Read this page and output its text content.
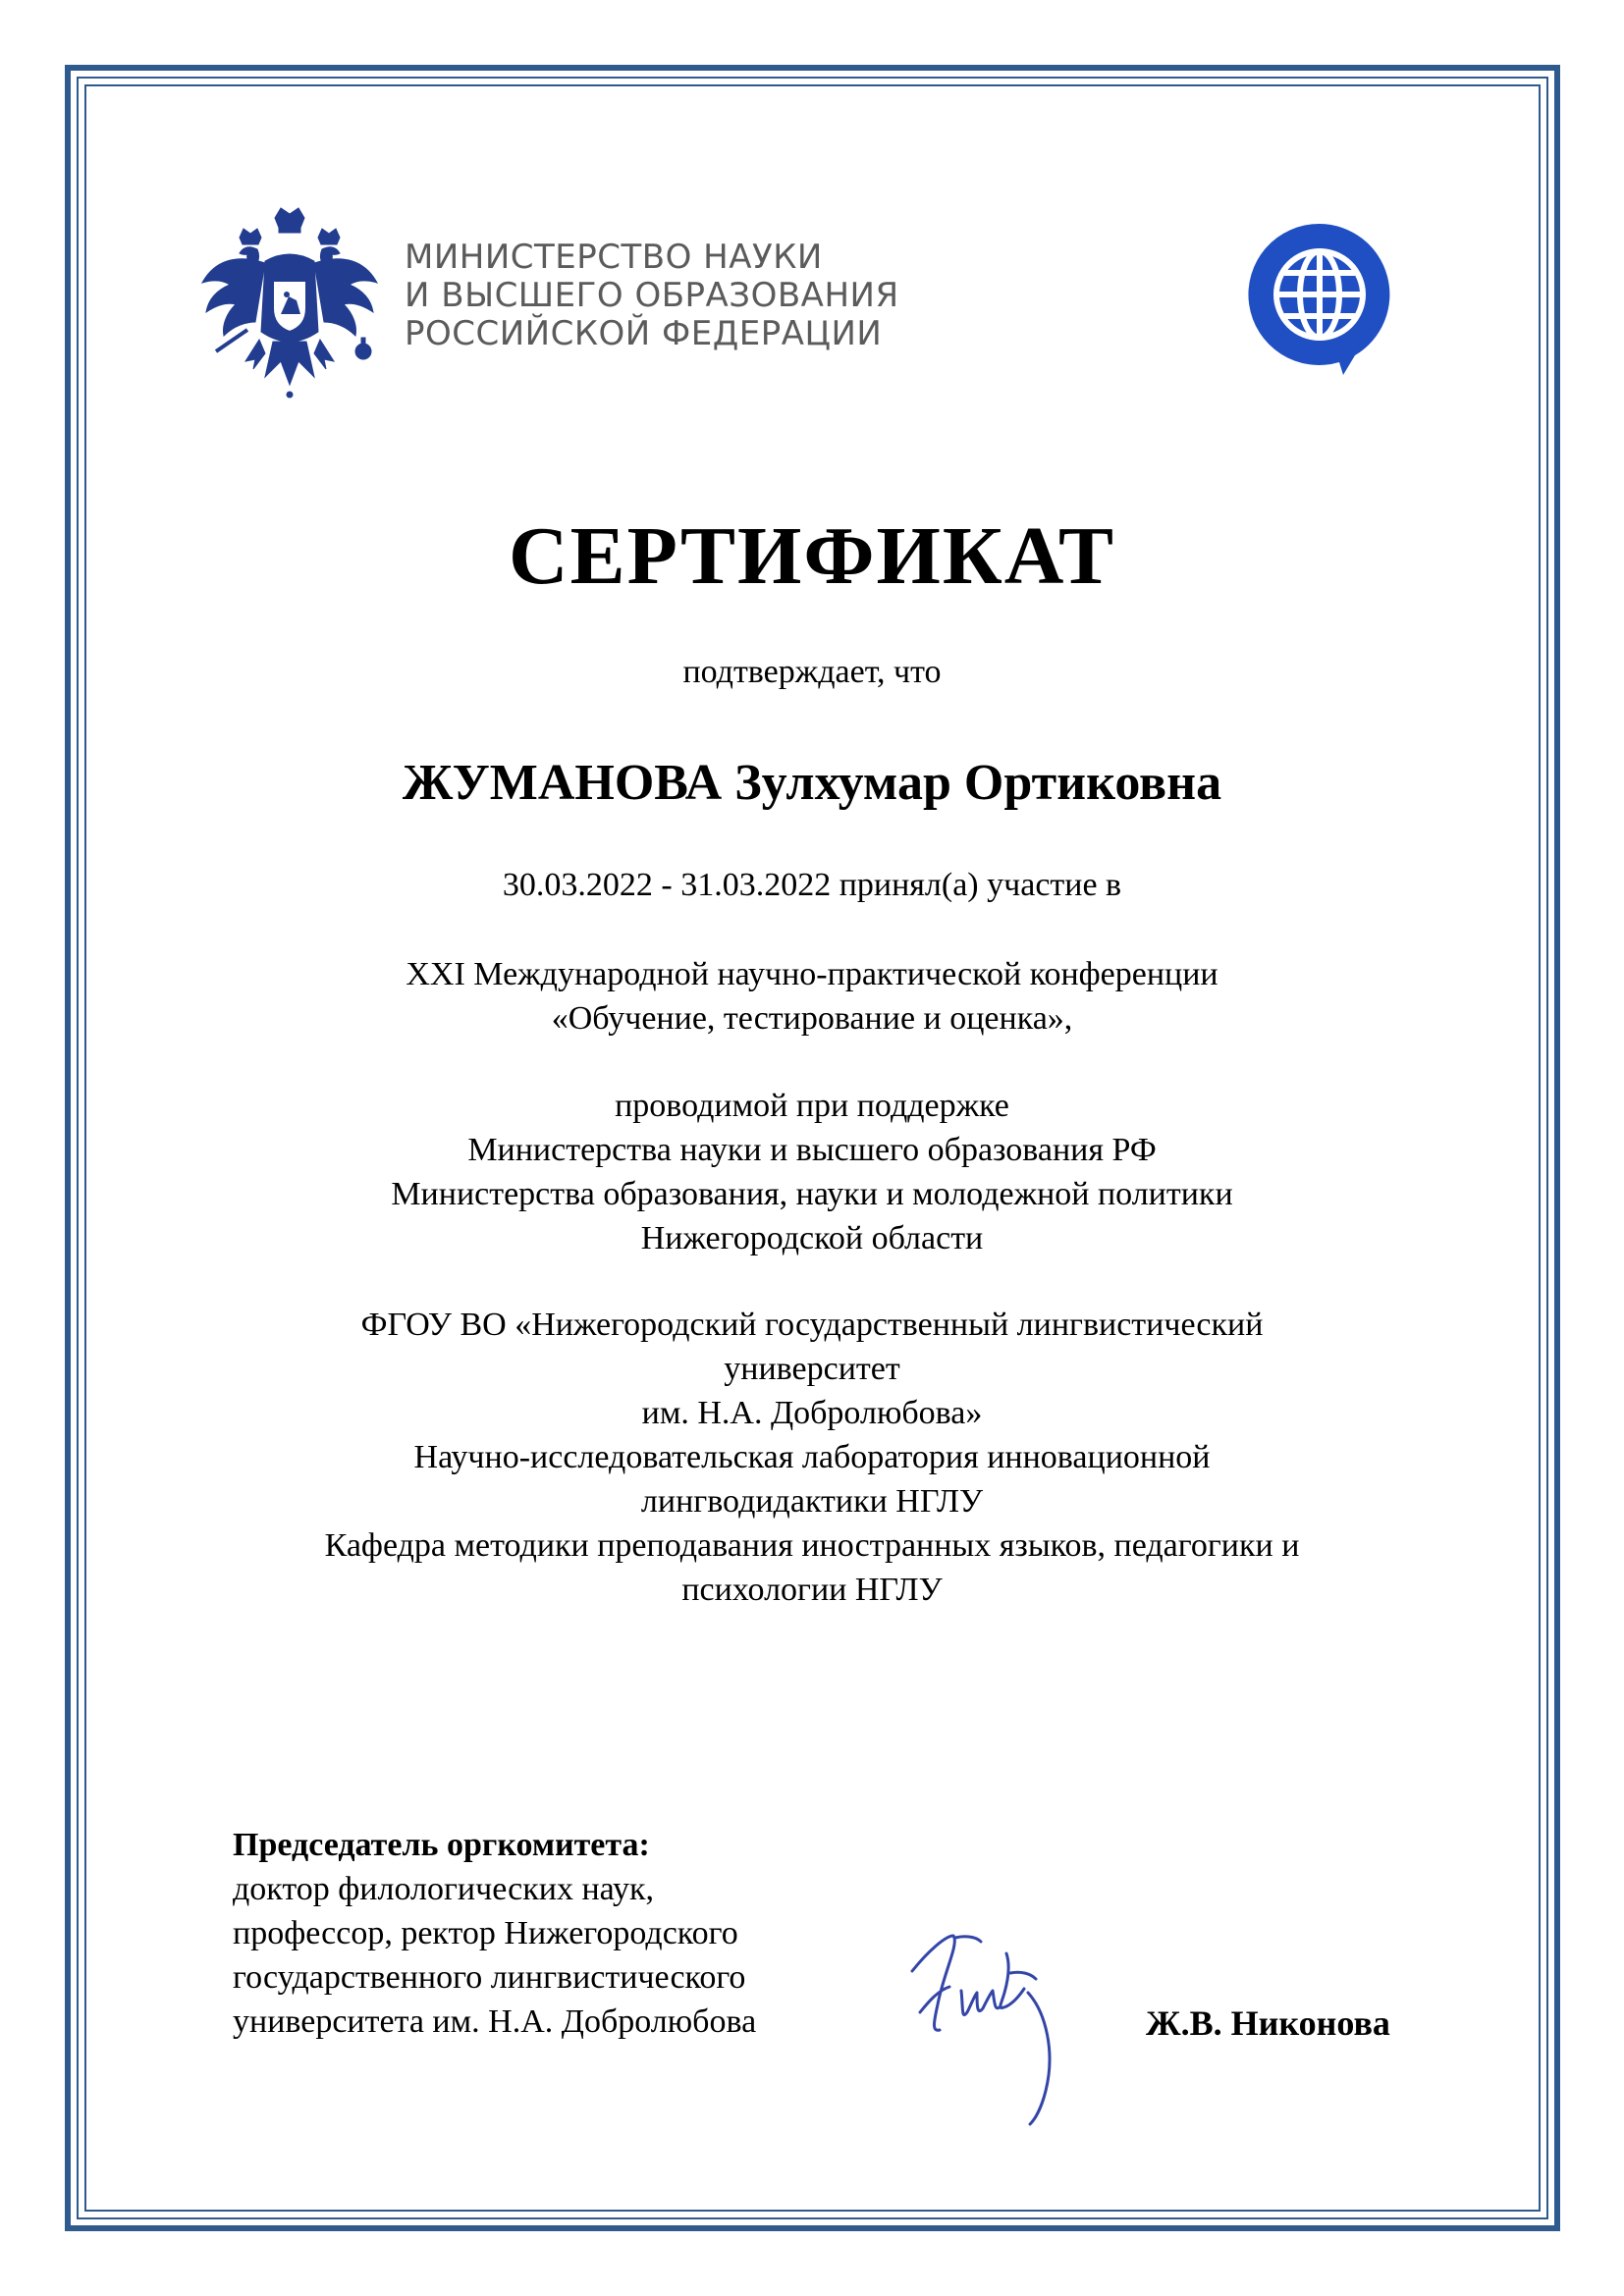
МИНИСТЕРСТВО НАУКИ
И ВЫСШЕГО ОБРАЗОВАНИЯ
РОССИЙСКОЙ ФЕДЕРАЦИИ
СЕРТИФИКАТ
подтверждает, что
ЖУМАНОВА Зулхумар Ортиковна
30.03.2022 - 31.03.2022 принял(а) участие в
XXI Международной научно-практической конференции
«Обучение, тестирование и оценка»,
проводимой при поддержке
Министерства науки и высшего образования РФ
Министерства образования, науки и молодежной политики
Нижегородской области
ФГОУ ВО «Нижегородский государственный лингвистический
университет
им. Н.А. Добролюбова»
Научно-исследовательская лаборатория инновационной
лингводидактики НГЛУ
Кафедра методики преподавания иностранных языков, педагогики и
психологии НГЛУ
Председатель оргкомитета:
доктор филологических наук,
профессор, ректор Нижегородского
государственного лингвистического
университета им. Н.А. Добролюбова	Ж.В. Никонова
